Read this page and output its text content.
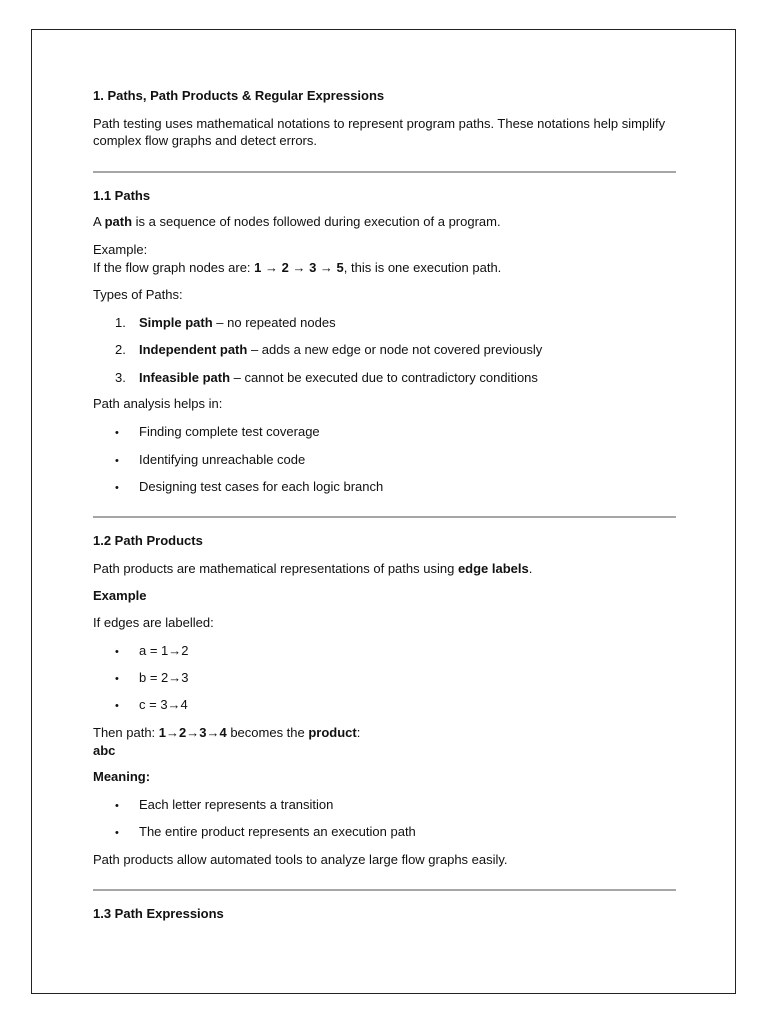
1. Paths, Path Products & Regular Expressions
Path testing uses mathematical notations to represent program paths. These notations help simplify
complex flow graphs and detect errors.
1.1 Paths
A path is a sequence of nodes followed during execution of a program.
Example:
If the flow graph nodes are: 1 → 2 → 3 → 5, this is one execution path.
Types of Paths:
1. Simple path – no repeated nodes
2. Independent path – adds a new edge or node not covered previously
3. Infeasible path – cannot be executed due to contradictory conditions
Path analysis helps in:
• Finding complete test coverage
• Identifying unreachable code
• Designing test cases for each logic branch
1.2 Path Products
Path products are mathematical representations of paths using edge labels.
Example
If edges are labelled:
• a = 1→2
• b = 2→3
• c = 3→4
Then path: 1→2→3→4 becomes the product:
abc
Meaning:
• Each letter represents a transition
• The entire product represents an execution path
Path products allow automated tools to analyze large flow graphs easily.
1.3 Path Expressions
